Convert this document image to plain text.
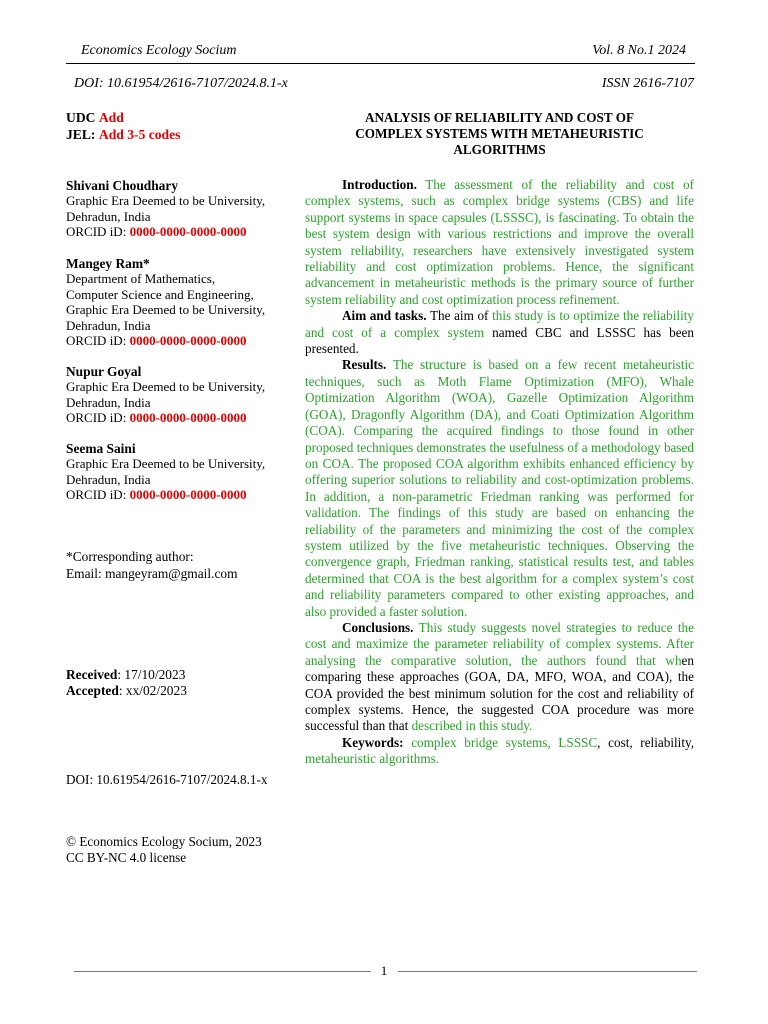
Economics Ecology Socium	Vol. 8 No.1 2024
DOI: 10.61954/2616-7107/2024.8.1-x	ISSN 2616-7107
UDC Add
JEL: Add 3-5 codes
ANALYSIS OF RELIABILITY AND COST OF
COMPLEX SYSTEMS WITH METAHEURISTIC
ALGORITHMS
Shivani Choudhary
Graphic Era Deemed to be University,
Dehradun, India
ORCID iD: 0000-0000-0000-0000
Mangey Ram*
Department of Mathematics,
Computer Science and Engineering,
Graphic Era Deemed to be University,
Dehradun, India
ORCID iD: 0000-0000-0000-0000
Nupur Goyal
Graphic Era Deemed to be University,
Dehradun, India
ORCID iD: 0000-0000-0000-0000
Seema Saini
Graphic Era Deemed to be University,
Dehradun, India
ORCID iD: 0000-0000-0000-0000
*Corresponding author:
Email: mangeyram@gmail.com
Received: 17/10/2023
Accepted: xx/02/2023
DOI: 10.61954/2616-7107/2024.8.1-x
© Economics Ecology Socium, 2023
CC BY-NC 4.0 license

Introduction. The assessment of the reliability and cost of complex systems, such as complex bridge systems (CBS) and life support systems in space capsules (LSSSC), is fascinating. To obtain the best system design with various restrictions and improve the overall system reliability, researchers have extensively investigated system reliability and cost optimization problems. Hence, the significant advancement in metaheuristic methods is the primary source of further system reliability and cost optimization process refinement.

Aim and tasks. The aim of this study is to optimize the reliability and cost of a complex system named CBC and LSSSC has been presented.

Results. The structure is based on a few recent metaheuristic techniques, such as Moth Flame Optimization (MFO), Whale Optimization Algorithm (WOA), Gazelle Optimization Algorithm (GOA), Dragonfly Algorithm (DA), and Coati Optimization Algorithm (COA). Comparing the acquired findings to those found in other proposed techniques demonstrates the usefulness of a methodology based on COA. The proposed COA algorithm exhibits enhanced efficiency by offering superior solutions to reliability and cost-optimization problems. In addition, a non-parametric Friedman ranking was performed for validation. The findings of this study are based on enhancing the reliability of the parameters and minimizing the cost of the complex system utilized by the five metaheuristic techniques. Observing the convergence graph, Friedman ranking, statistical results test, and tables determined that COA is the best algorithm for a complex system’s cost and reliability parameters compared to other existing approaches, and also provided a faster solution.

Conclusions. This study suggests novel strategies to reduce the cost and maximize the parameter reliability of complex systems. After analysing the comparative solution, the authors found that when comparing these approaches (GOA, DA, MFO, WOA, and COA), the COA provided the best minimum solution for the cost and reliability of complex systems. Hence, the suggested COA procedure was more successful than that described in this study.

Keywords: complex bridge systems, LSSSC, cost, reliability, metaheuristic algorithms.

1
